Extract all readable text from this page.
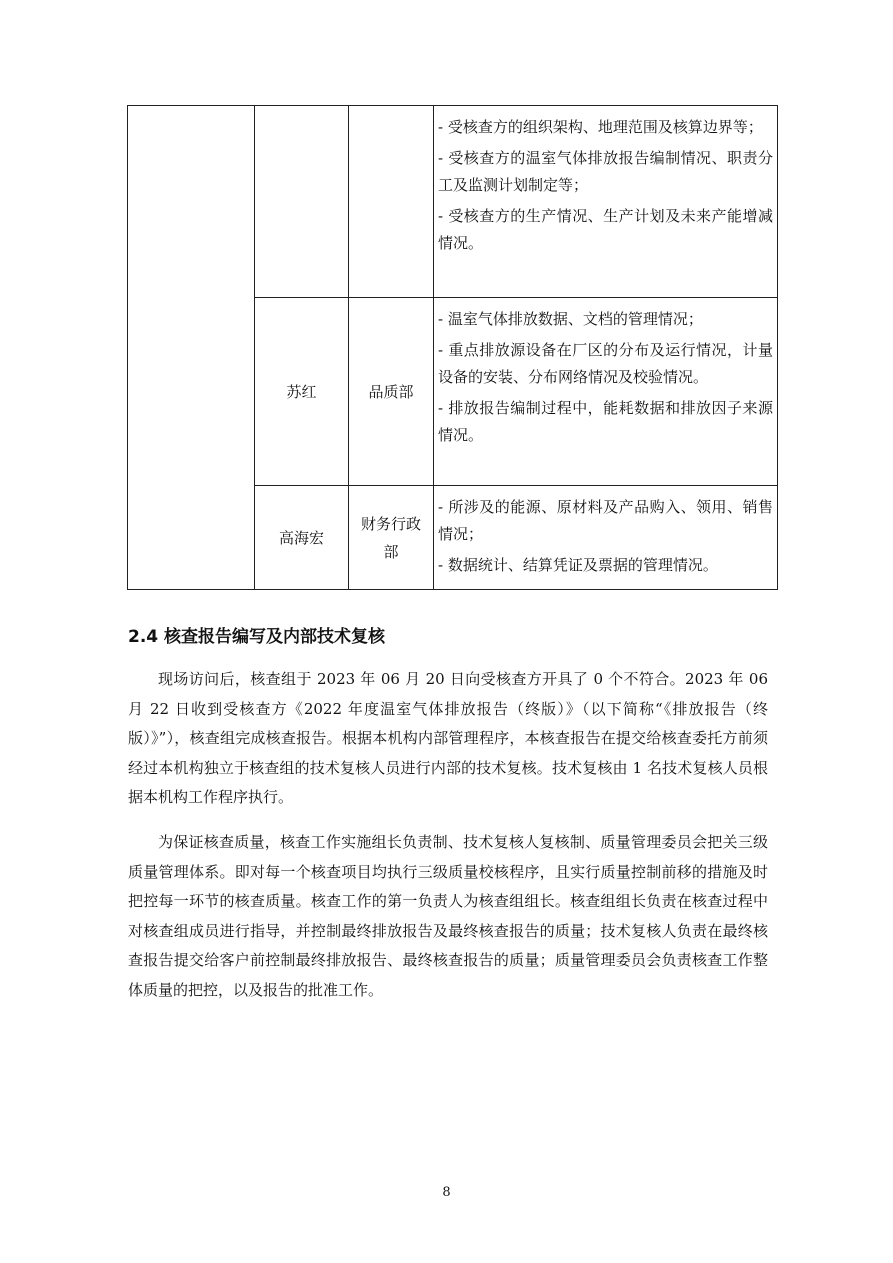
			- 受核查方的组织架构、地理范围及核算边界等；
- 受核查方的温室气体排放报告编制情况、职责分工及监测计划制定等；
- 受核查方的生产情况、生产计划及未来产能增减情况。

	苏红	品质部	- 温室气体排放数据、文档的管理情况；
- 重点排放源设备在厂区的分布及运行情况，计量设备的安装、分布网络情况及校验情况。
- 排放报告编制过程中，能耗数据和排放因子来源情况。

	高海宏	财务行政部	- 所涉及的能源、原材料及产品购入、领用、销售情况；
- 数据统计、结算凭证及票据的管理情况。
2.4 核查报告编写及内部技术复核

现场访问后，核查组于 2023 年 06 月 20 日向受核查方开具了 0 个不符合。2023 年 06 月 22 日收到受核查方《2022 年度温室气体排放报告（终版）》（以下简称“《排放报告（终版）》”），核查组完成核查报告。根据本机构内部管理程序，本核查报告在提交给核查委托方前须经过本机构独立于核查组的技术复核人员进行内部的技术复核。技术复核由 1 名技术复核人员根据本机构工作程序执行。

为保证核查质量，核查工作实施组长负责制、技术复核人复核制、质量管理委员会把关三级质量管理体系。即对每一个核查项目均执行三级质量校核程序，且实行质量控制前移的措施及时把控每一环节的核查质量。核查工作的第一负责人为核查组组长。核查组组长负责在核查过程中对核查组成员进行指导，并控制最终排放报告及最终核查报告的质量；技术复核人负责在最终核查报告提交给客户前控制最终排放报告、最终核查报告的质量；质量管理委员会负责核查工作整体质量的把控，以及报告的批准工作。

8
